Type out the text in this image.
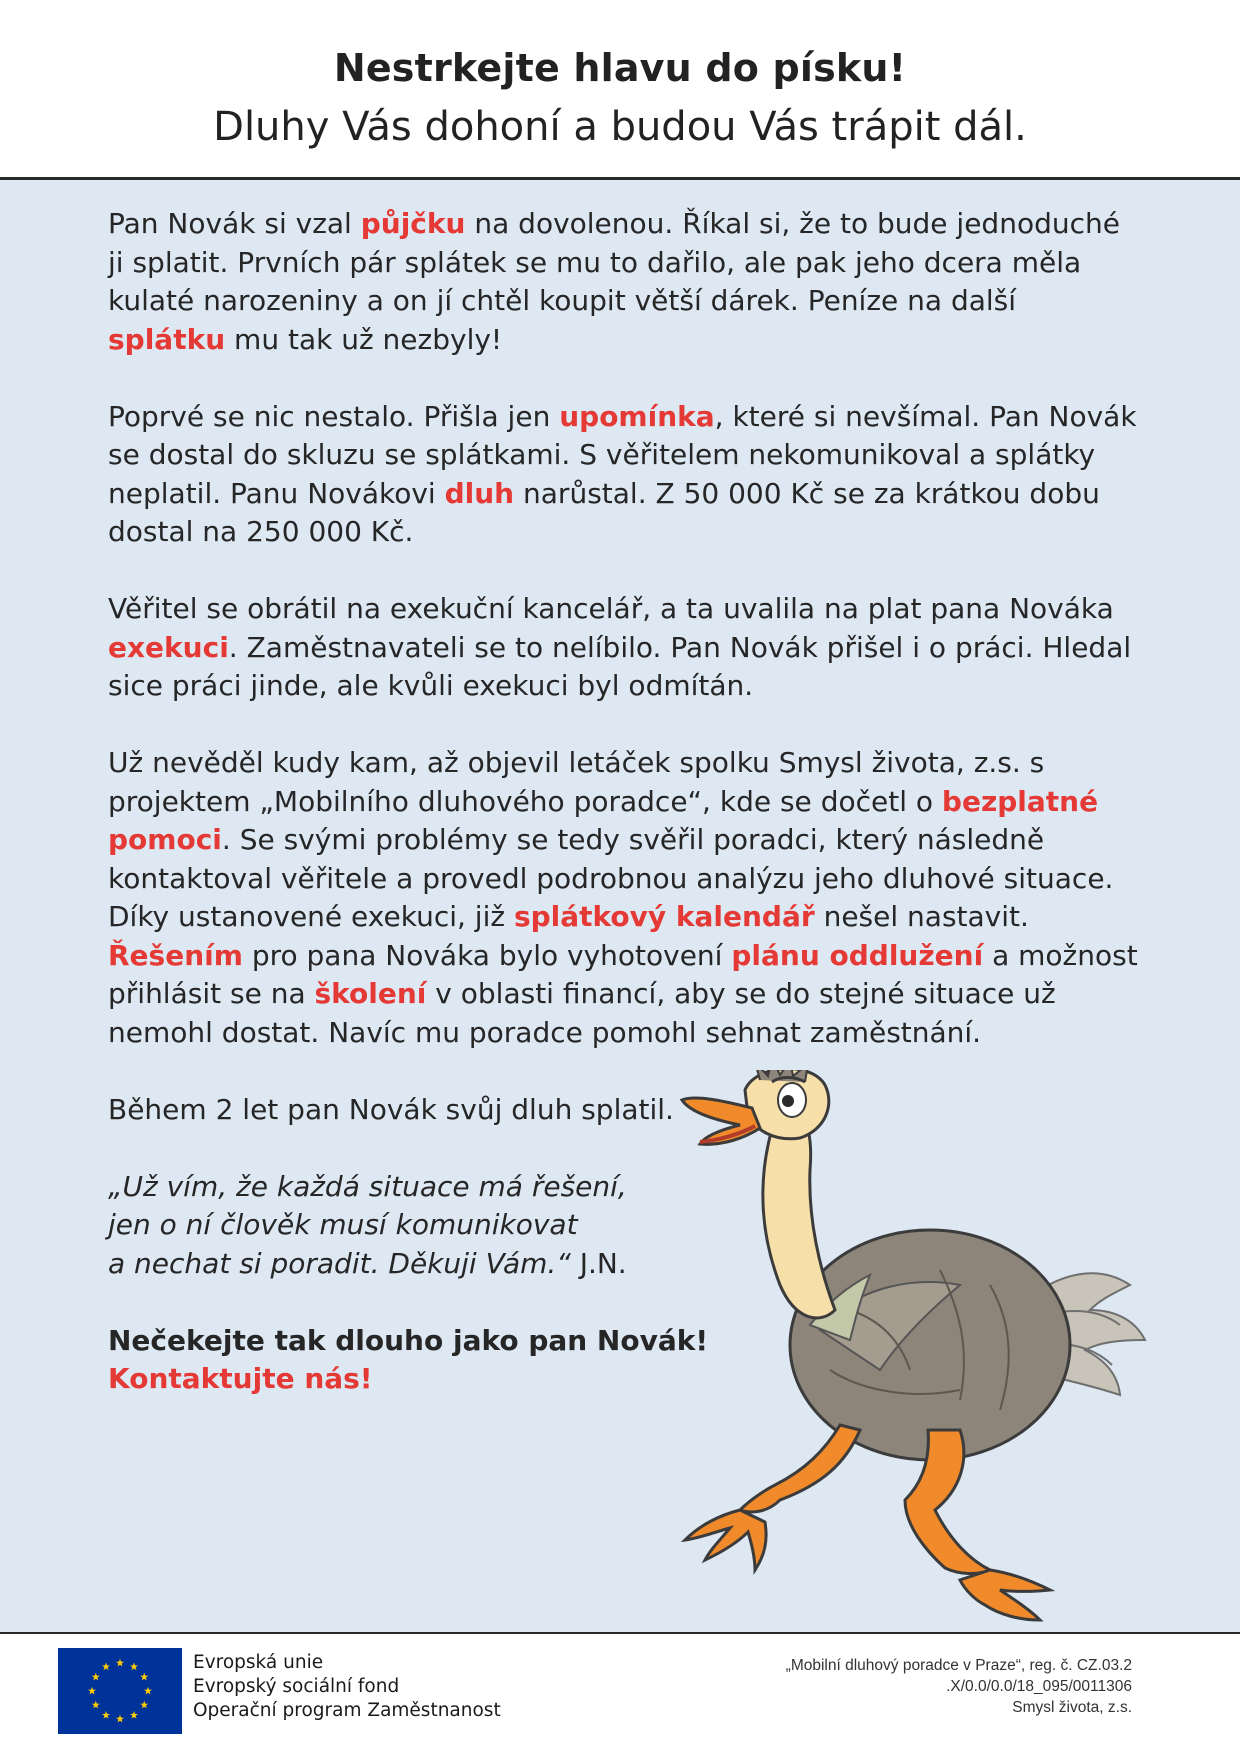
Nestrkejte hlavu do písku!
Dluhy Vás dohoní a budou Vás trápit dál.

Pan Novák si vzal půjčku na dovolenou. Říkal si, že to bude jednoduché ji splatit. Prvních pár splátek se mu to dařilo, ale pak jeho dcera měla kulaté narozeniny a on jí chtěl koupit větší dárek. Peníze na další splátku mu tak už nezbyly!

Poprvé se nic nestalo. Přišla jen upomínka, které si nevšímal. Pan Novák se dostal do skluzu se splátkami. S věřitelem nekomunikoval a splátky neplatil. Panu Novákovi dluh narůstal. Z 50 000 Kč se za krátkou dobu dostal na 250 000 Kč.

Věřitel se obrátil na exekuční kancelář, a ta uvalila na plat pana Nováka exekuci. Zaměstnavateli se to nelíbilo. Pan Novák přišel i o práci. Hledal sice práci jinde, ale kvůli exekuci byl odmítán.

Už nevěděl kudy kam, až objevil letáček spolku Smysl života, z.s. s projektem „Mobilního dluhového poradce“, kde se dočetl o bezplatné pomoci. Se svými problémy se tedy svěřil poradci, který následně kontaktoval věřitele a provedl podrobnou analýzu jeho dluhové situace. Díky ustanovené exekuci, již splátkový kalendář nešel nastavit. Řešením pro pana Nováka bylo vyhotovení plánu oddlužení a možnost přihlásit se na školení v oblasti financí, aby se do stejné situace už nemohl dostat. Navíc mu poradce pomohl sehnat zaměstnání.

Během 2 let pan Novák svůj dluh splatil.

„Už vím, že každá situace má řešení,
jen o ní člověk musí komunikovat
a nechat si poradit. Děkuji Vám.“ J.N.

Nečekejte tak dlouho jako pan Novák!

Kontaktujte nás!

Evropská unie
Evropský sociální fond
Operační program Zaměstnanost
„Mobilní dluhový poradce v Praze“, reg. č. CZ.03.2
.X/0.0/0.0/18_095/0011306
Smysl života, z.s.
